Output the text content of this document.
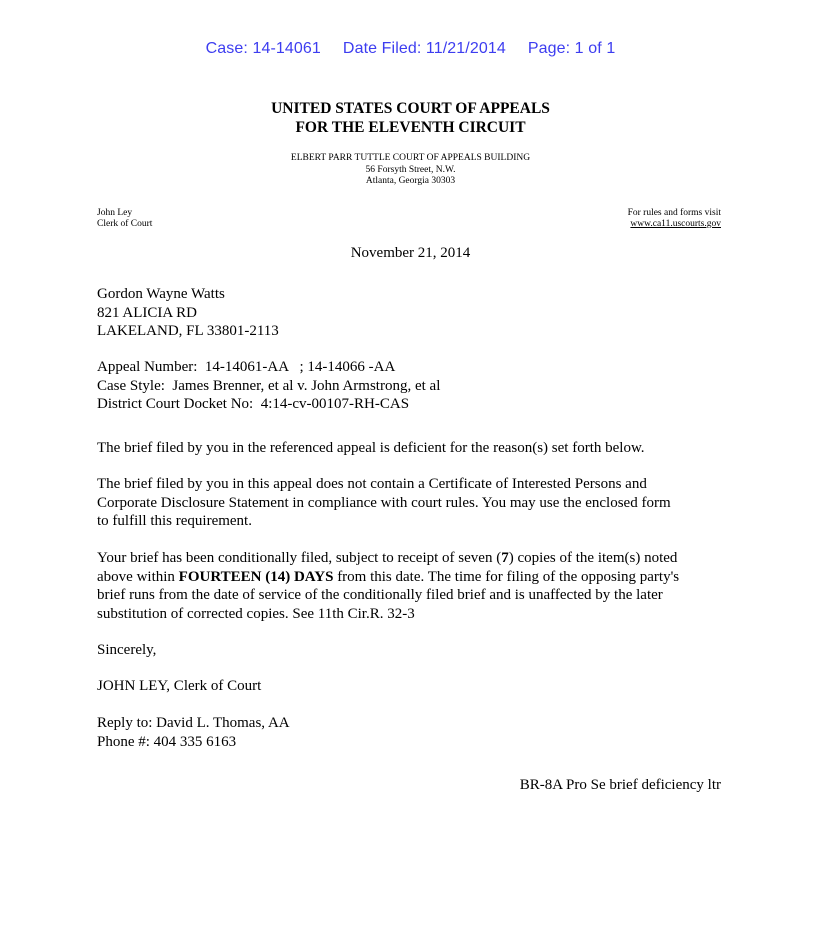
Case: 14-14061 Date Filed: 11/21/2014 Page: 1 of 1
UNITED STATES COURT OF APPEALS
FOR THE ELEVENTH CIRCUIT
ELBERT PARR TUTTLE COURT OF APPEALS BUILDING
56 Forsyth Street, N.W.
Atlanta, Georgia 30303
John Ley
Clerk of Court
For rules and forms visit
www.ca11.uscourts.gov
November 21, 2014
Gordon Wayne Watts
821 ALICIA RD
LAKELAND, FL 33801-2113
Appeal Number:  14-14061-AA   ; 14-14066 -AA
Case Style:  James Brenner, et al v. John Armstrong, et al
District Court Docket No:  4:14-cv-00107-RH-CAS
The brief filed by you in the referenced appeal is deficient for the reason(s) set forth below.
The brief filed by you in this appeal does not contain a Certificate of Interested Persons and
Corporate Disclosure Statement in compliance with court rules. You may use the enclosed form
to fulfill this requirement.
Your brief has been conditionally filed, subject to receipt of seven (7) copies of the item(s) noted
above within FOURTEEN (14) DAYS from this date. The time for filing of the opposing party's
brief runs from the date of service of the conditionally filed brief and is unaffected by the later
substitution of corrected copies. See 11th Cir.R. 32-3
Sincerely,
JOHN LEY, Clerk of Court
Reply to: David L. Thomas, AA
Phone #: 404 335 6163
BR-8A Pro Se brief deficiency ltr
